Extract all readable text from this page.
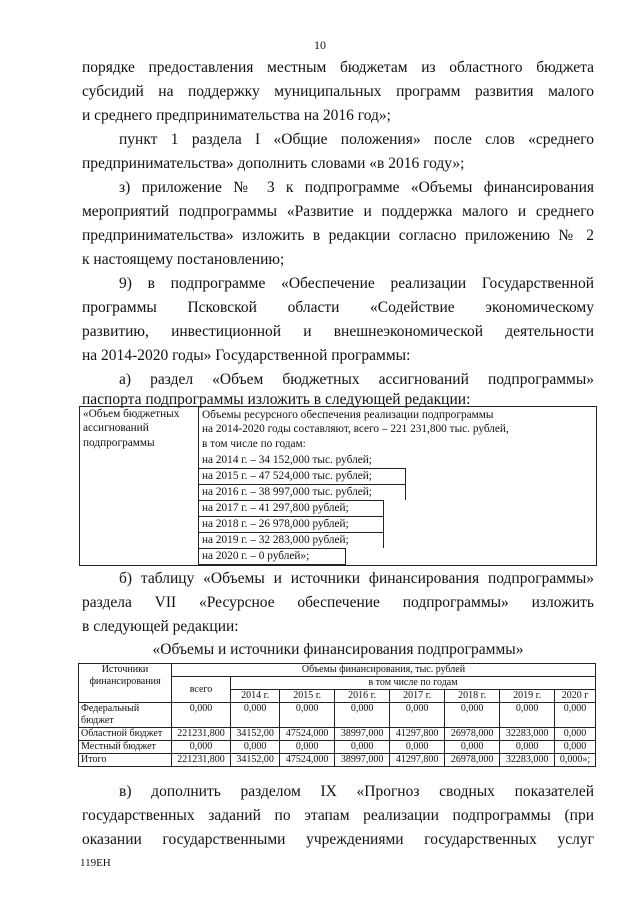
10
порядке предоставления местным бюджетам из областного бюджета
субсидий на поддержку муниципальных программ развития малого
и среднего предпринимательства на 2016 год»;
пункт 1 раздела I «Общие положения» после слов «среднего
предпринимательства» дополнить словами «в 2016 году»;
з) приложение № 3 к подпрограмме «Объемы финансирования
мероприятий подпрограммы «Развитие и поддержка малого и среднего
предпринимательства» изложить в редакции согласно приложению № 2
к настоящему постановлению;
9) в подпрограмме «Обеспечение реализации Государственной
программы Псковской области «Содействие экономическому
развитию, инвестиционной и внешнеэкономической деятельности
на 2014-2020 годы» Государственной программы:
а) раздел «Объем бюджетных ассигнований подпрограммы»
паспорта подпрограммы изложить в следующей редакции:
«Объем бюджетных
ассигнований
подпрограммы

Объемы ресурсного обеспечения реализации подпрограммы
на 2014-2020 годы составляют, всего – 221 231,800 тыс. рублей,
в том числе по годам:
на 2014 г. – 34 152,000 тыс. рублей;
на 2015 г. – 47 524,000 тыс. рублей;
на 2016 г. – 38 997,000 тыс. рублей;
на 2017 г. – 41 297,800 рублей;
на 2018 г. – 26 978,000 рублей;
на 2019 г. – 32 283,000 рублей;
на 2020 г. – 0 рублей»;
б) таблицу «Объемы и источники финансирования подпрограммы»
раздела VII «Ресурсное обеспечение подпрограммы» изложить
в следующей редакции:
«Объемы и источники финансирования подпрограммы»
Источники финансирования	Объемы финансирования, тыс. рублей							
	всего	в том числе по годам						
		2014 г.	2015 г.	2016 г.	2017 г.	2018 г.	2019 г.	2020 г
Федеральный бюджет	0,000	0,000	0,000	0,000	0,000	0,000	0,000	0,000
Областной бюджет	221231,800	34152,00	47524,000	38997,000	41297,800	26978,000	32283,000	0,000
Местный бюджет	0,000	0,000	0,000	0,000	0,000	0,000	0,000	0,000
Итого	221231,800	34152,00	47524,000	38997,000	41297,800	26978,000	32283,000	0,000»;
в) дополнить разделом IX «Прогноз сводных показателей
государственных заданий по этапам реализации подпрограммы (при
оказании государственными учреждениями государственных услуг
119ЕН
